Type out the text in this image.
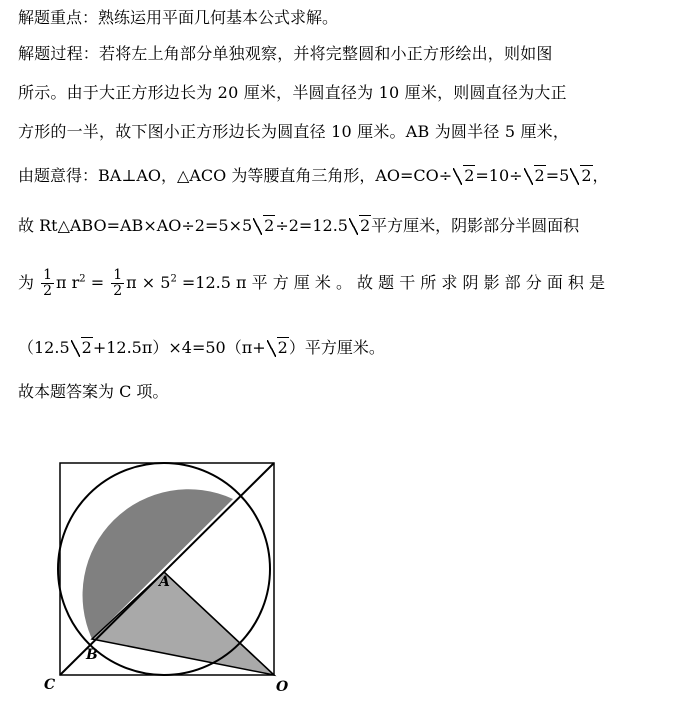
解题重点：熟练运用平面几何基本公式求解。
解题过程：若将左上角部分单独观察，并将完整圆和小正方形绘出，则如图
所示。由于大正方形边长为 20 厘米，半圆直径为 10 厘米，则圆直径为大正
方形的一半，故下图小正方形边长为圆直径 10 厘米。AB 为圆半径 5 厘米，
由题意得：BA⊥AO，△ACO 为等腰直角三角形，AO=CO÷ 2=10÷ 2=5 2，
故 Rt△ABO=AB×AO÷2=5×5 2÷2=12.5 2平方厘米，阴影部分半圆面积
为 $\frac{1}{2}$ π $r^2 = \frac{1}{2}$ $\pi \times 5^2 =12.5$ π 平 方 厘 米 。 故 题 干 所 求 阴 影 部 分 面 积 是
（12.5 2+12.5π）×4=50（π+ 2）平方厘米。
故本题答案为 C 项。
A
B
C	O
